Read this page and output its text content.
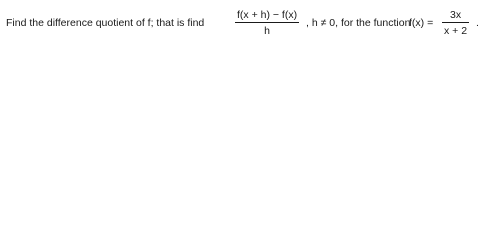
Find the difference quotient of f; that is find
f(x + h) − f(x)
h
, h ≠ 0, for the function
f(x) =
3x
x + 2
.
